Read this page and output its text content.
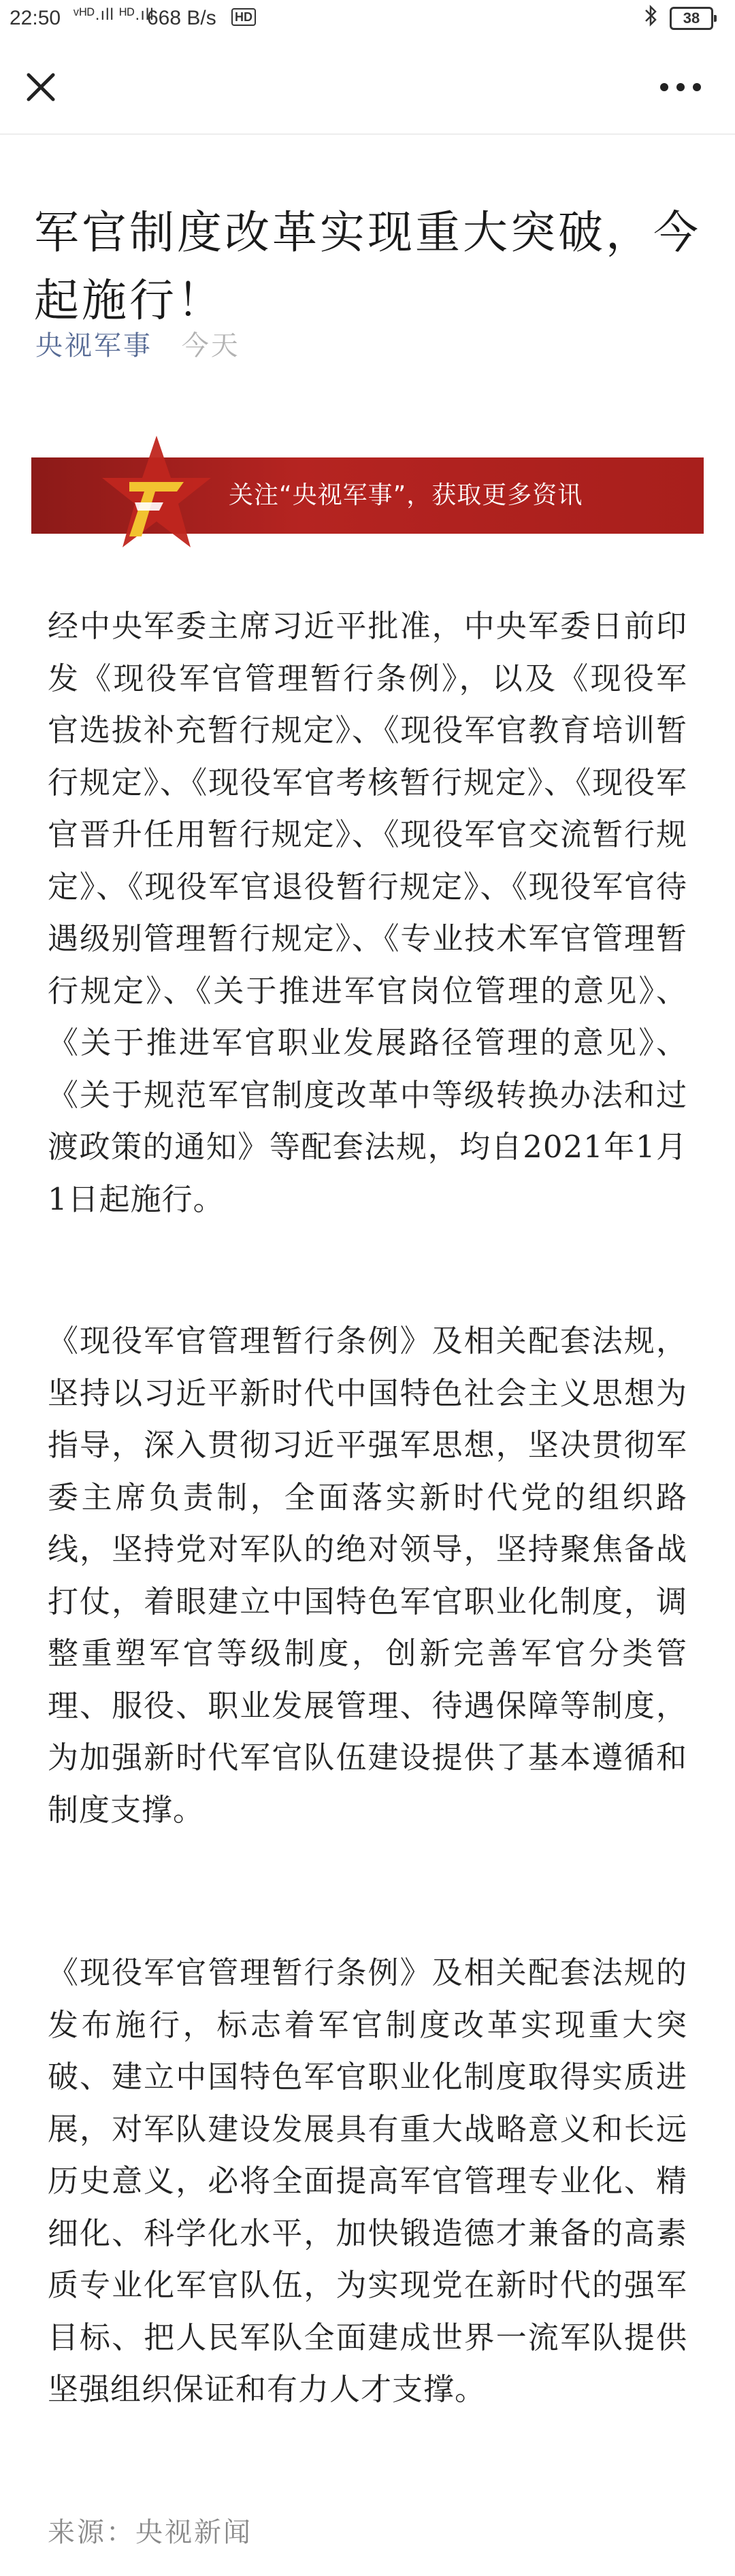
22:50 ᵛᴴᴰ.ıll ᴴᴰ.ıll
668 B/s HD	38
军官制度改革实现重大突破，今起施行！
央视军事 今天
关注“央视军事”，获取更多资讯

经中央军委主席习近平批准，中央军委日前印发《现役军官管理暂行条例》，以及《现役军官选拔补充暂行规定》、《现役军官教育培训暂行规定》、《现役军官考核暂行规定》、《现役军官晋升任用暂行规定》、《现役军官交流暂行规定》、《现役军官退役暂行规定》、《现役军官待遇级别管理暂行规定》、《专业技术军官管理暂行规定》、《关于推进军官岗位管理的意见》、《关于推进军官职业发展路径管理的意见》、《关于规范军官制度改革中等级转换办法和过渡政策的通知》等配套法规，均自2021年1月1日起施行。

《现役军官管理暂行条例》及相关配套法规，坚持以习近平新时代中国特色社会主义思想为指导，深入贯彻习近平强军思想，坚决贯彻军委主席负责制，全面落实新时代党的组织路线，坚持党对军队的绝对领导，坚持聚焦备战打仗，着眼建立中国特色军官职业化制度，调整重塑军官等级制度，创新完善军官分类管理、服役、职业发展管理、待遇保障等制度，为加强新时代军官队伍建设提供了基本遵循和制度支撑。

《现役军官管理暂行条例》及相关配套法规的发布施行，标志着军官制度改革实现重大突破、建立中国特色军官职业化制度取得实质进展，对军队建设发展具有重大战略意义和长远历史意义，必将全面提高军官管理专业化、精细化、科学化水平，加快锻造德才兼备的高素质专业化军官队伍，为实现党在新时代的强军目标、把人民军队全面建成世界一流军队提供坚强组织保证和有力人才支撑。

来源：央视新闻
